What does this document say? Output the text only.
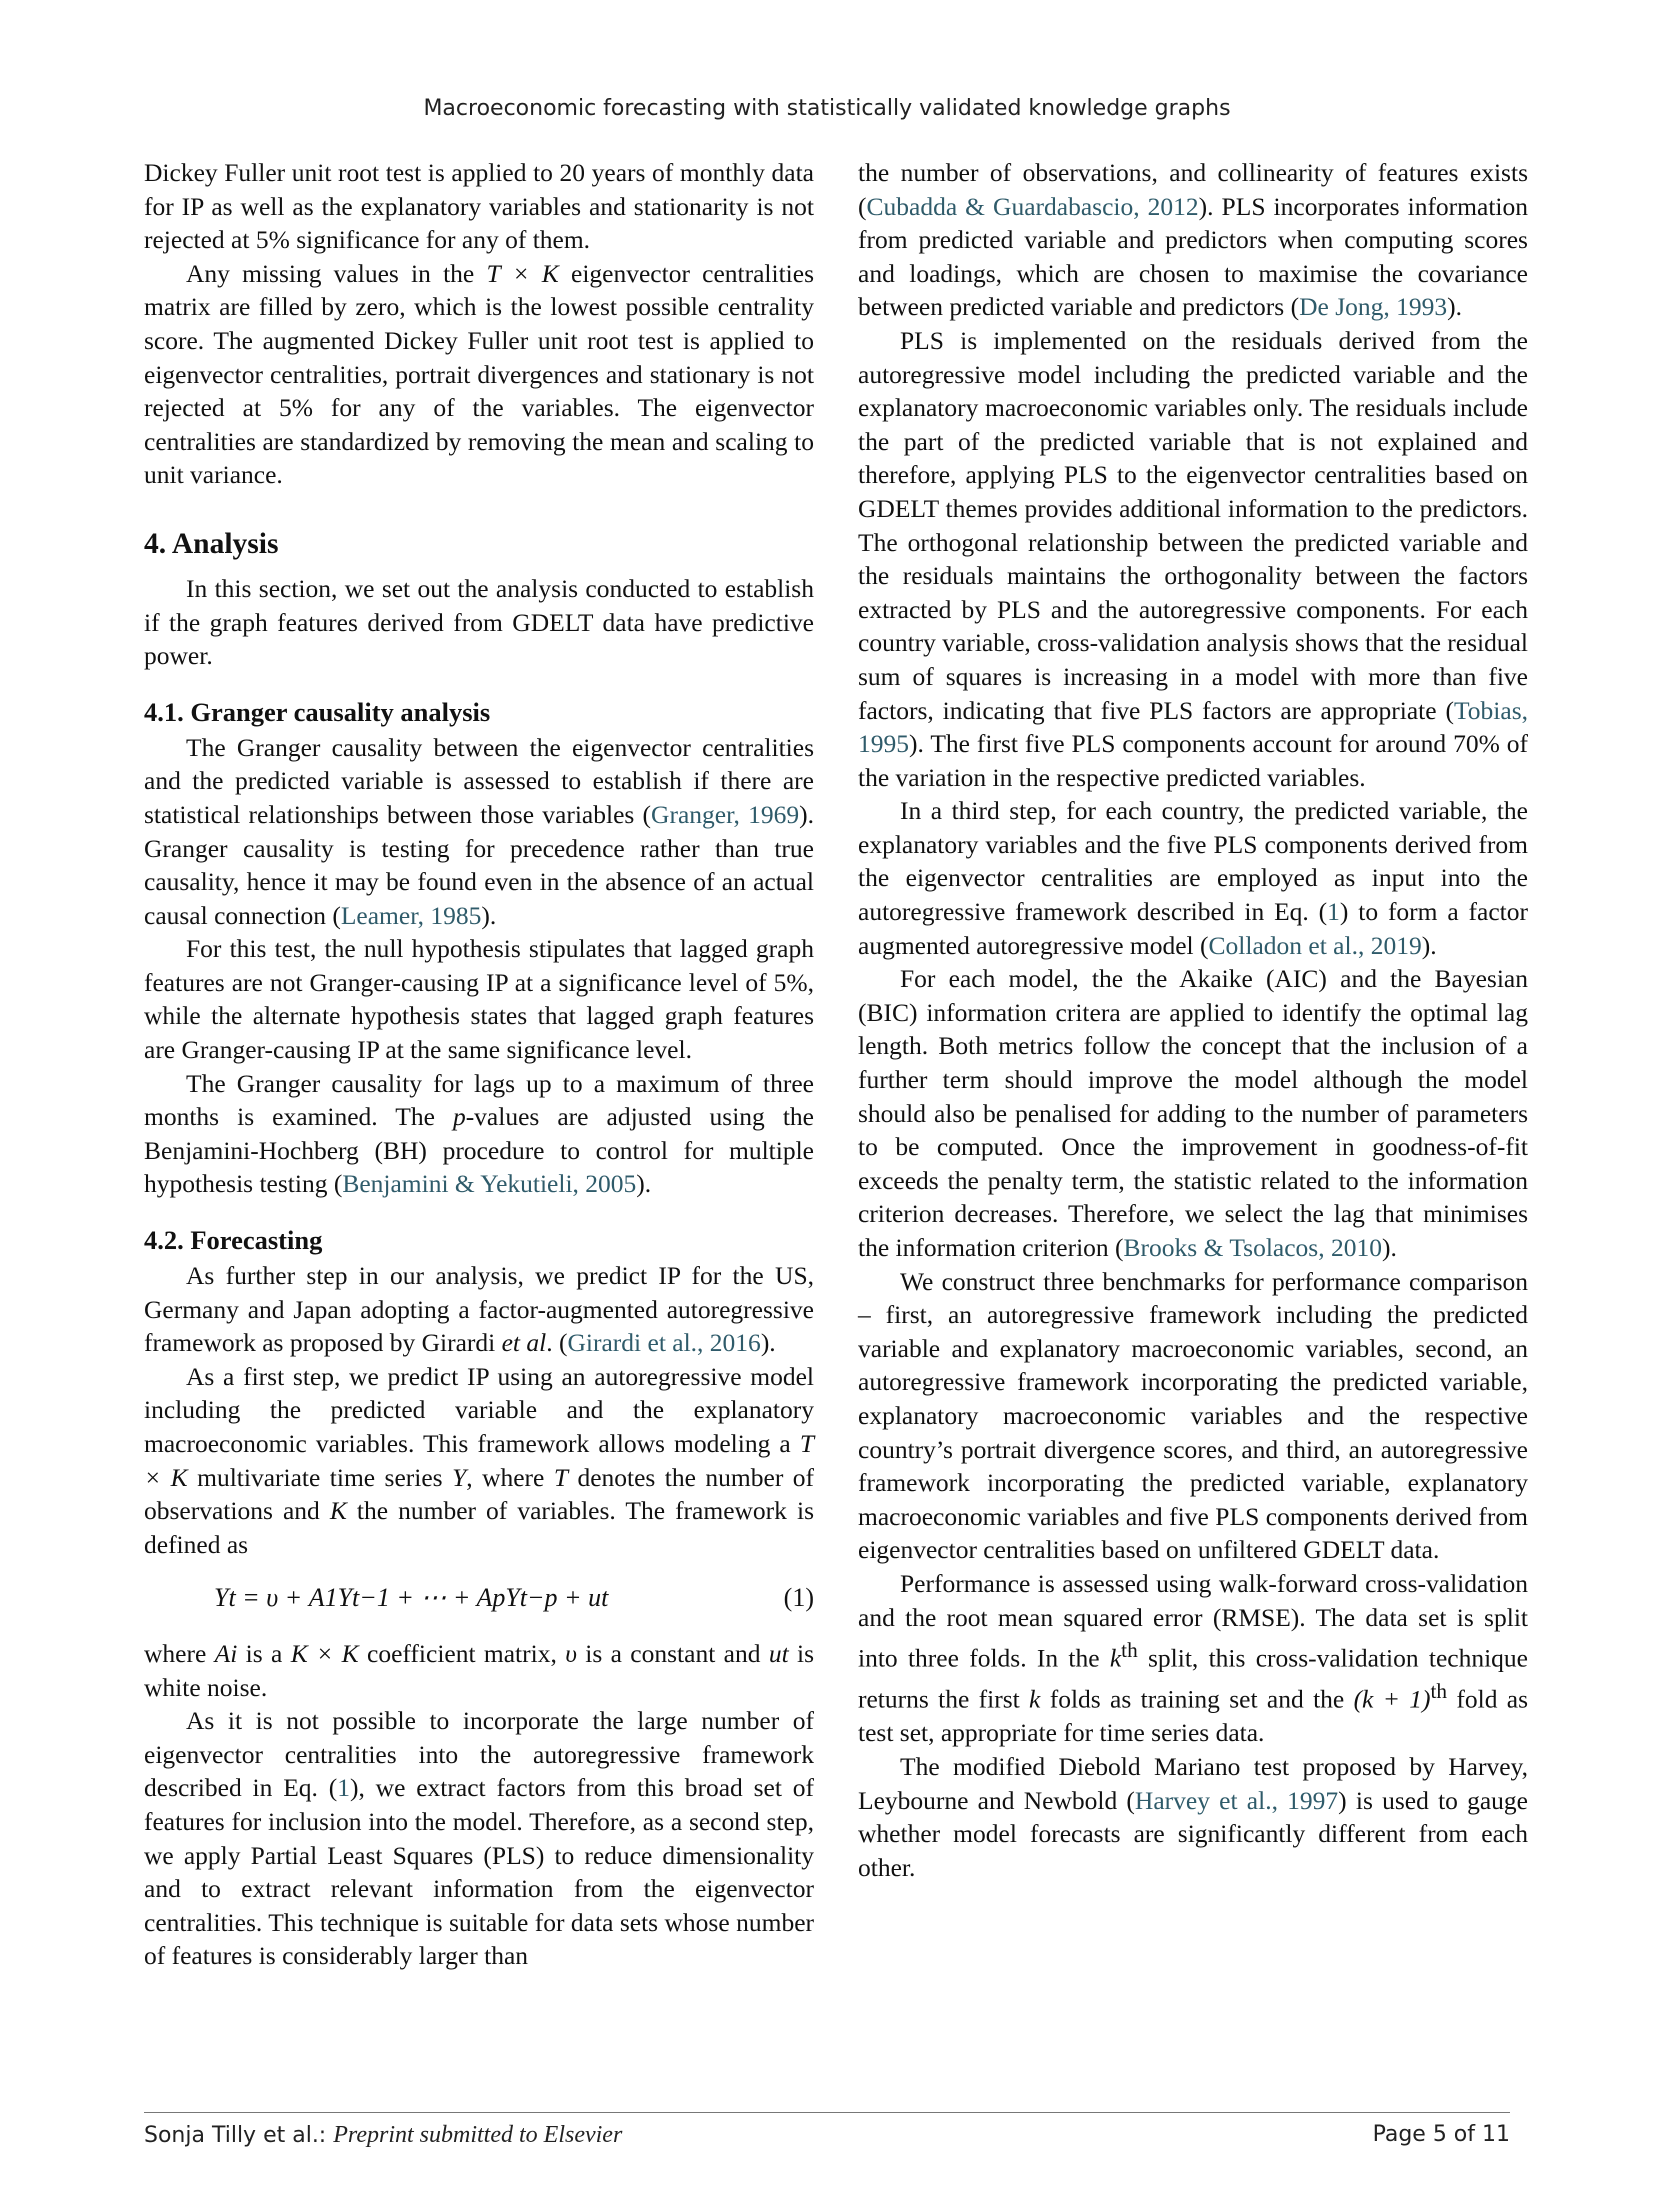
Macroeconomic forecasting with statistically validated knowledge graphs

Dickey Fuller unit root test is applied to 20 years of monthly data for IP as well as the explanatory variables and stationarity is not rejected at 5% significance for any of them.

Any missing values in the T × K eigenvector centralities matrix are filled by zero, which is the lowest possible centrality score. The augmented Dickey Fuller unit root test is applied to eigenvector centralities, portrait divergences and stationary is not rejected at 5% for any of the variables. The eigenvector centralities are standardized by removing the mean and scaling to unit variance.

4. Analysis

In this section, we set out the analysis conducted to establish if the graph features derived from GDELT data have predictive power.

4.1. Granger causality analysis

The Granger causality between the eigenvector centralities and the predicted variable is assessed to establish if there are statistical relationships between those variables (Granger, 1969). Granger causality is testing for precedence rather than true causality, hence it may be found even in the absence of an actual causal connection (Leamer, 1985).

For this test, the null hypothesis stipulates that lagged graph features are not Granger-causing IP at a significance level of 5%, while the alternate hypothesis states that lagged graph features are Granger-causing IP at the same significance level.

The Granger causality for lags up to a maximum of three months is examined. The p-values are adjusted using the Benjamini-Hochberg (BH) procedure to control for multiple hypothesis testing (Benjamini & Yekutieli, 2005).

4.2. Forecasting

As further step in our analysis, we predict IP for the US, Germany and Japan adopting a factor-augmented autoregressive framework as proposed by Girardi et al. (Girardi et al., 2016).

As a first step, we predict IP using an autoregressive model including the predicted variable and the explanatory macroeconomic variables. This framework allows modeling a T × K multivariate time series Y, where T denotes the number of observations and K the number of variables. The framework is defined as

Yt = υ + A1Yt−1 + ⋯ + ApYt−p + ut	(1)

where Ai is a K × K coefficient matrix, υ is a constant and ut is white noise.

As it is not possible to incorporate the large number of eigenvector centralities into the autoregressive framework described in Eq. (1), we extract factors from this broad set of features for inclusion into the model. Therefore, as a second step, we apply Partial Least Squares (PLS) to reduce dimensionality and to extract relevant information from the eigenvector centralities. This technique is suitable for data sets whose number of features is considerably larger than

the number of observations, and collinearity of features exists (Cubadda & Guardabascio, 2012). PLS incorporates information from predicted variable and predictors when computing scores and loadings, which are chosen to maximise the covariance between predicted variable and predictors (De Jong, 1993).

PLS is implemented on the residuals derived from the autoregressive model including the predicted variable and the explanatory macroeconomic variables only. The residuals include the part of the predicted variable that is not explained and therefore, applying PLS to the eigenvector centralities based on GDELT themes provides additional information to the predictors. The orthogonal relationship between the predicted variable and the residuals maintains the orthogonality between the factors extracted by PLS and the autoregressive components. For each country variable, cross-validation analysis shows that the residual sum of squares is increasing in a model with more than five factors, indicating that five PLS factors are appropriate (Tobias, 1995). The first five PLS components account for around 70% of the variation in the respective predicted variables.

In a third step, for each country, the predicted variable, the explanatory variables and the five PLS components derived from the eigenvector centralities are employed as input into the autoregressive framework described in Eq. (1) to form a factor augmented autoregressive model (Colladon et al., 2019).

For each model, the the Akaike (AIC) and the Bayesian (BIC) information critera are applied to identify the optimal lag length. Both metrics follow the concept that the inclusion of a further term should improve the model although the model should also be penalised for adding to the number of parameters to be computed. Once the improvement in goodness-of-fit exceeds the penalty term, the statistic related to the information criterion decreases. Therefore, we select the lag that minimises the information criterion (Brooks & Tsolacos, 2010).

We construct three benchmarks for performance comparison – first, an autoregressive framework including the predicted variable and explanatory macroeconomic variables, second, an autoregressive framework incorporating the predicted variable, explanatory macroeconomic variables and the respective country’s portrait divergence scores, and third, an autoregressive framework incorporating the predicted variable, explanatory macroeconomic variables and five PLS components derived from eigenvector centralities based on unfiltered GDELT data.

Performance is assessed using walk-forward cross-validation and the root mean squared error (RMSE). The data set is split into three folds. In the $k^{th}$ split, this cross-validation technique returns the first k folds as training set and the $(k + 1)^{th}$ fold as test set, appropriate for time series data.

The modified Diebold Mariano test proposed by Harvey, Leybourne and Newbold (Harvey et al., 1997) is used to gauge whether model forecasts are significantly different from each other.

Sonja Tilly et al.: Preprint submitted to Elsevier	Page 5 of 11
